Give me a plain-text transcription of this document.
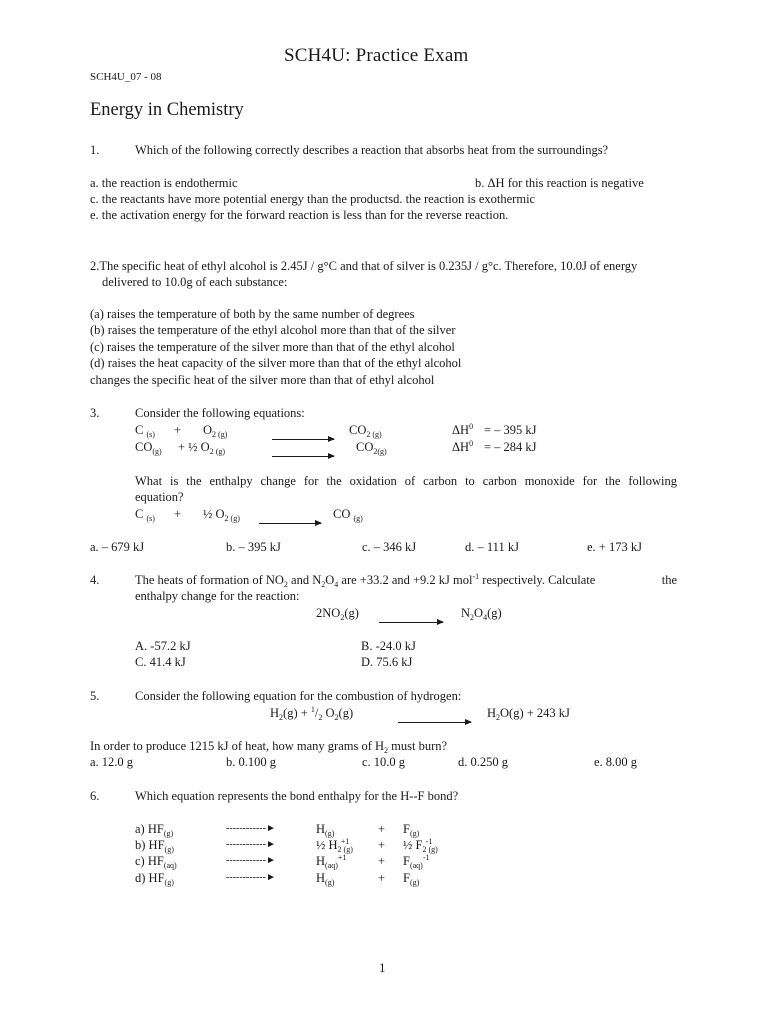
SCH4U: Practice Exam
SCH4U_07 - 08
Energy in Chemistry
1.	Which of the following correctly describes a reaction that absorbs heat from the surroundings?
a. the reaction is endothermic	b. ΔH for this reaction is negative
c. the reactants have more potential energy than the productsd. the reaction is exothermic
e. the activation energy for the forward reaction is less than for the reverse reaction.
2.The specific heat of ethyl alcohol is 2.45J / g°C and that of silver is 0.235J / g°c. Therefore, 10.0J of energy
delivered to 10.0g of each substance:
(a) raises the temperature of both by the same number of degrees
(b) raises the temperature of the ethyl alcohol more than that of the silver
(c) raises the temperature of the silver more than that of the ethyl alcohol
(d) raises the heat capacity of the silver more than that of the ethyl alcohol
changes the specific heat of the silver more than that of ethyl alcohol
3.	Consider the following equations:
C $_{(s)} + O_{2 (g)}$	$CO_{2 (g)}$	$\Delta H^0$ = – 395 kJ
$CO_{(g)}$ + ½ $O_{2 (g)}$	$CO_{2(g)}$	$\Delta H^0$ = – 284 kJ
What is the enthalpy change for the oxidation of carbon to carbon monoxide for the following
equation?
C $_{(s)}$ + ½ $O_{2 (g)}$	CO $_{(g)}$
a. – 679 kJ	b. – 395 kJ	c. – 346 kJ	d. – 111 kJ	e. + 173 kJ
4.	The heats of formation of $NO_2$ and $N_2O_4$ are +33.2 and +9.2 kJ mol$^{-1}$ respectively. Calculate	the
enthalpy change for the reaction:
$2NO_2(g)$	$N_2O_4(g)$
A. -57.2 kJ	B. -24.0 kJ
C. 41.4 kJ	D. 75.6 kJ
5.	Consider the following equation for the combustion of hydrogen:
$H_2(g) + ^1/_2$ $O_2(g)$	$H_2O(g) + 243$ kJ
In order to produce 1215 kJ of heat, how many grams of $H_2$ must burn?
a. 12.0 g	b. 0.100 g	c. 10.0 g	d. 0.250 g	e. 8.00 g
6.	Which equation represents the bond enthalpy for the H--F bond?
a) $HF_{(g)}$	------------►	$H_{(g)}$	+ $F_{(g)}$
b) $HF_{(g)}$	------------►	½ $H_{2 (g)}^{+1}$ + ½ $F_{2 (g)}^{-1}$
c) $HF_{(aq)}$	------------►	$H_{(aq)}^{+1}$	+ $F_{(aq)}^{-1}$
d) $HF_{(g)}$	------------►	$H_{(g)}$	+ $F_{(g)}$
1
